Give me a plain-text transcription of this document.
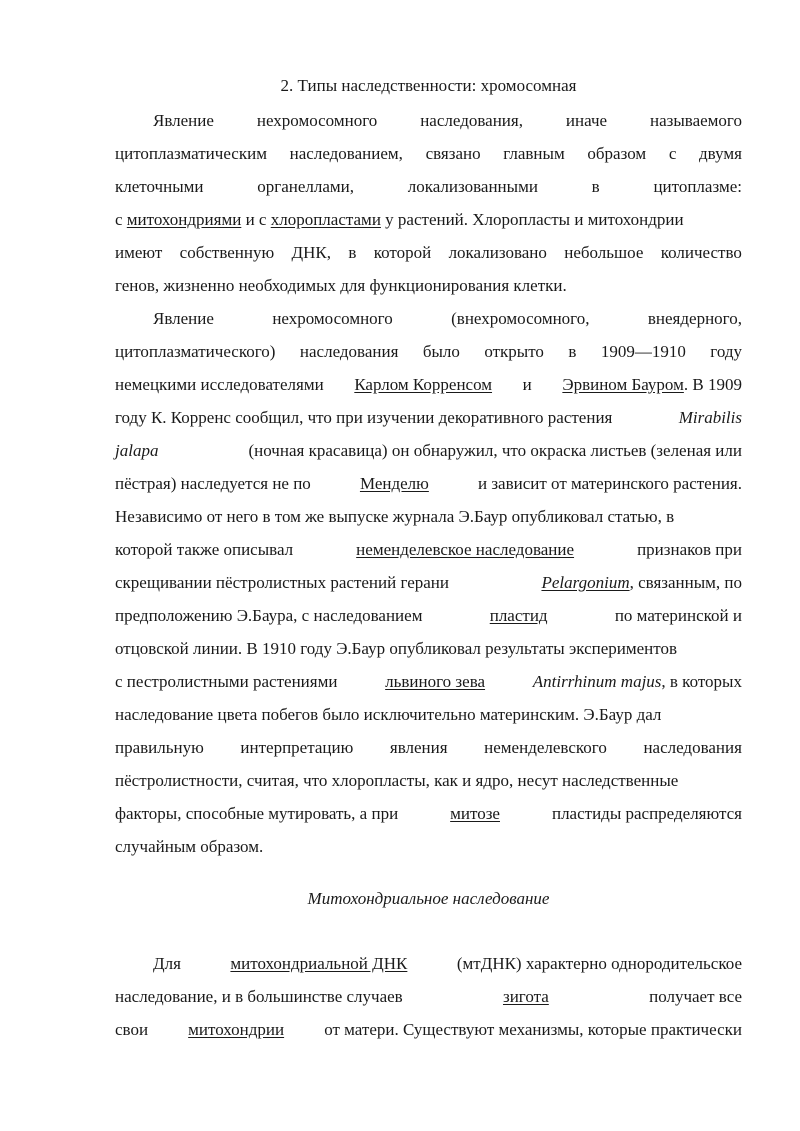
2. Типы наследственности: хромосомная
Явление	нехромосомного	наследования,	иначе	называемого
цитоплазматическим наследованием, связано главным образом с двумя
клеточными	органеллами,	локализованными	в	цитоплазме:
с митохондриями и с хлоропластами у растений. Хлоропласты и митохондрии
имеют собственную ДНК, в которой локализовано небольшое количество
генов, жизненно необходимых для функционирования клетки.
Явление	нехромосомного	(внехромосомного,	внеядерного,
цитоплазматического) наследования было открыто в 1909—1910 году
немецкими исследователями Карлом Корренсом и Эрвином Бауром. В 1909
году К. Корренс сообщил, что при изучении декоративного растения	Mirabilis
jalapa	(ночная красавица) он обнаружил, что окраска листьев (зеленая или
пёстрая) наследуется не по	Менделю	и зависит от материнского растения.
Независимо от него в том же выпуске журнала Э.Баур опубликовал статью, в
которой также описывал	неменделевское наследование	признаков при
скрещивании пёстролистных растений герани	Pelargonium, связанным, по
предположению Э.Баура, с наследованием	пластид	по материнской и
отцовской линии. В 1910 году Э.Баур опубликовал результаты экспериментов
с пестролистными растениями	львиного зева	Antirrhinum majus, в которых
наследование цвета побегов было исключительно материнским. Э.Баур дал
правильную интерпретацию явления неменделевского наследования
пёстролистности, считая, что хлоропласты, как и ядро, несут наследственные
факторы, способные мутировать, а при	митозе	пластиды распределяются
случайным образом.
Митохондриальное наследование
Для	митохондриальной ДНК	(мтДНК) характерно однородительское
наследование, и в большинстве случаев	зигота	получает все
свои митохондрии от матери. Существуют механизмы, которые практически
